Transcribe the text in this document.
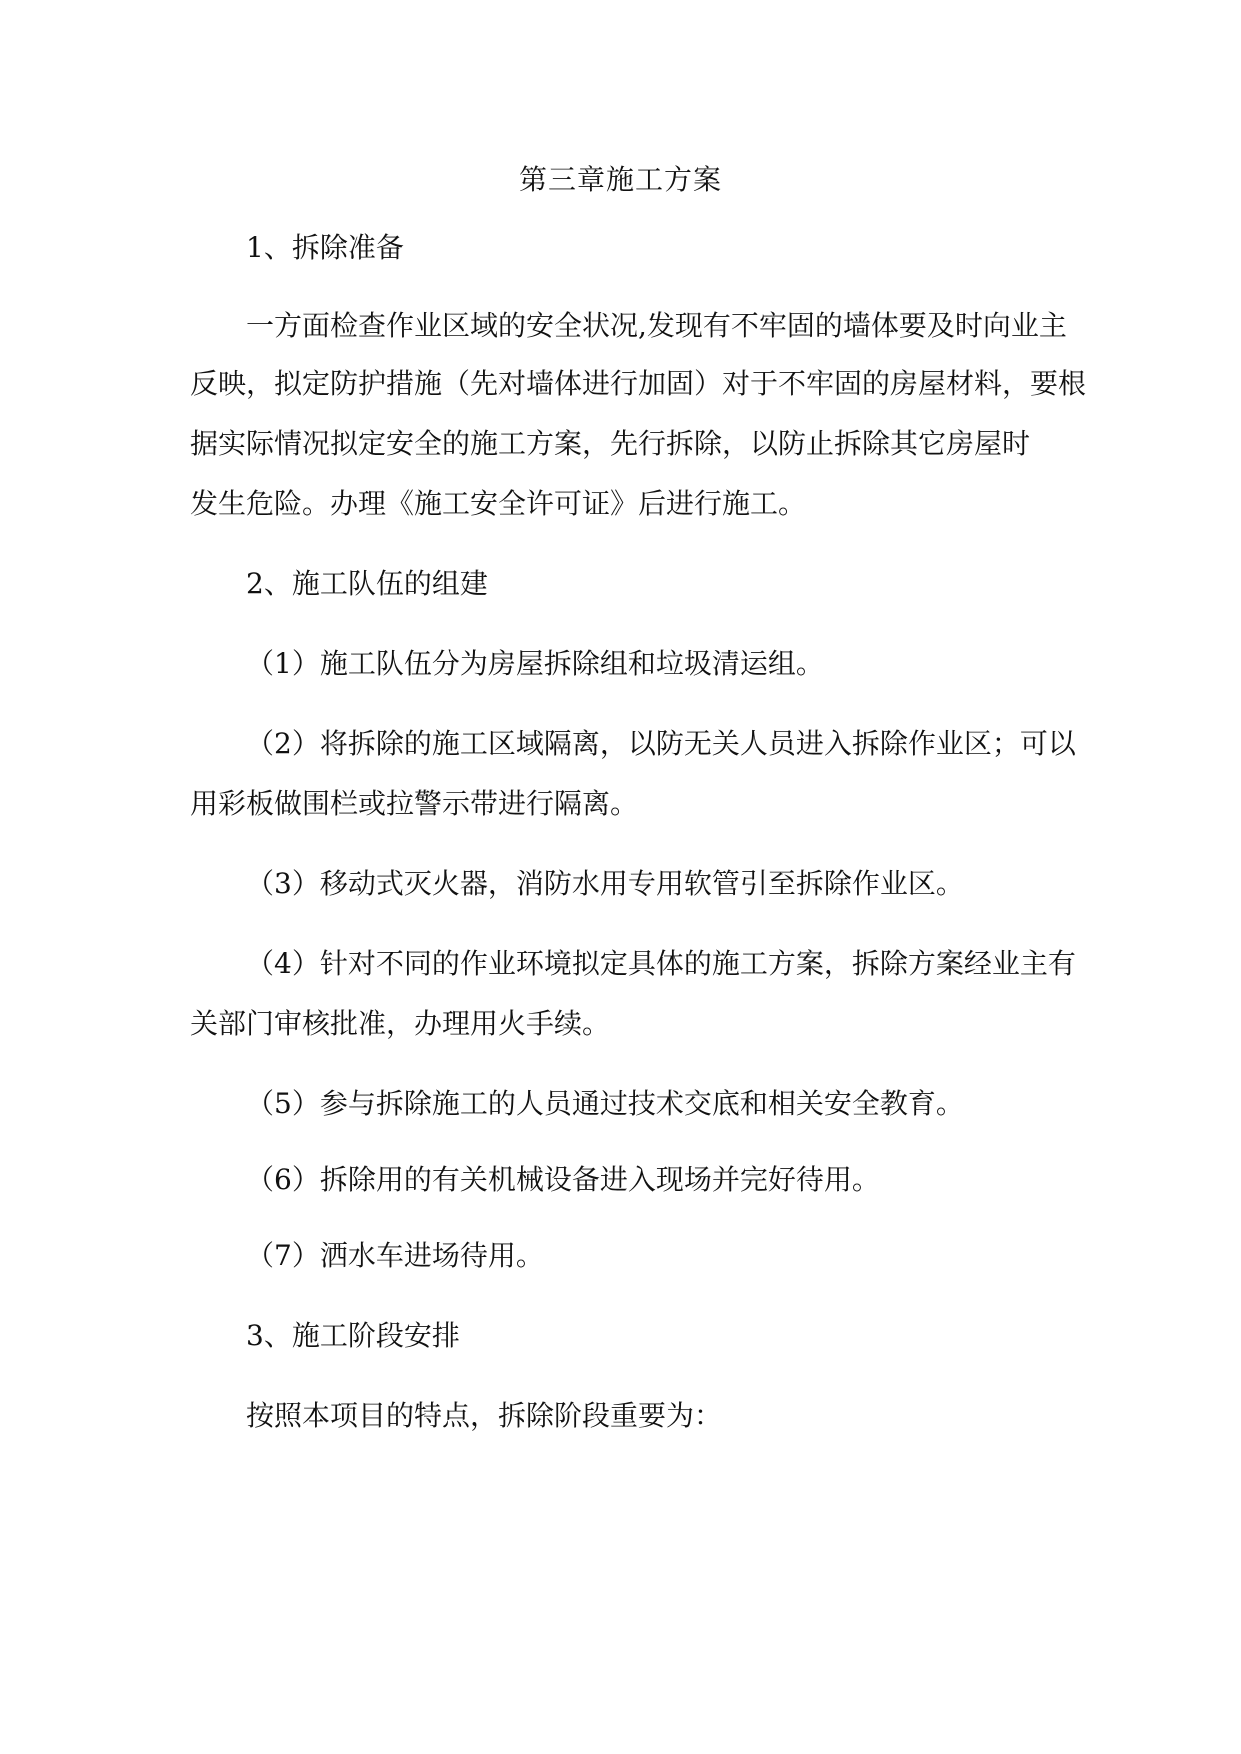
第三章施工方案
1、拆除准备
一方面检查作业区域的安全状况,发现有不牢固的墙体要及时向业主
反映，拟定防护措施（先对墙体进行加固）对于不牢固的房屋材料，要根
据实际情况拟定安全的施工方案，先行拆除，以防止拆除其它房屋时
发生危险。办理《施工安全许可证》后进行施工。
2、施工队伍的组建
（1）施工队伍分为房屋拆除组和垃圾清运组。
（2）将拆除的施工区域隔离，以防无关人员进入拆除作业区；可以
用彩板做围栏或拉警示带进行隔离。
（3）移动式灭火器，消防水用专用软管引至拆除作业区。
（4）针对不同的作业环境拟定具体的施工方案，拆除方案经业主有
关部门审核批准，办理用火手续。
（5）参与拆除施工的人员通过技术交底和相关安全教育。
（6）拆除用的有关机械设备进入现场并完好待用。
（7）洒水车进场待用。
3、施工阶段安排
按照本项目的特点，拆除阶段重要为：
